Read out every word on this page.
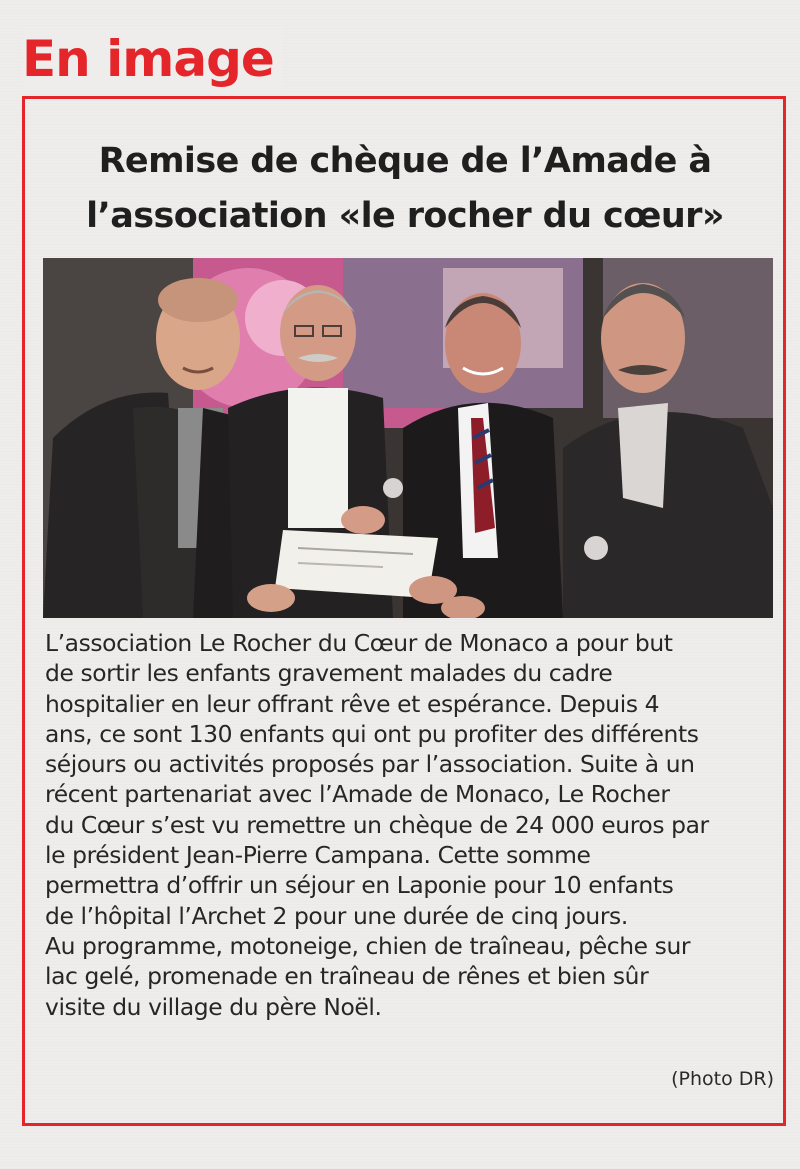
En image
Remise de chèque de l’Amade à
l’association «le rocher du cœur»
L’association Le Rocher du Cœur de Monaco a pour but
de sortir les enfants gravement malades du cadre
hospitalier en leur offrant rêve et espérance. Depuis 4
ans, ce sont 130 enfants qui ont pu profiter des différents
séjours ou activités proposés par l’association. Suite à un
récent partenariat avec l’Amade de Monaco, Le Rocher
du Cœur s’est vu remettre un chèque de 24 000 euros par
le président Jean-Pierre Campana. Cette somme
permettra d’offrir un séjour en Laponie pour 10 enfants
de l’hôpital l’Archet 2 pour une durée de cinq jours.
Au programme, motoneige, chien de traîneau, pêche sur
lac gelé, promenade en traîneau de rênes et bien sûr
visite du village du père Noël.
(Photo DR)
